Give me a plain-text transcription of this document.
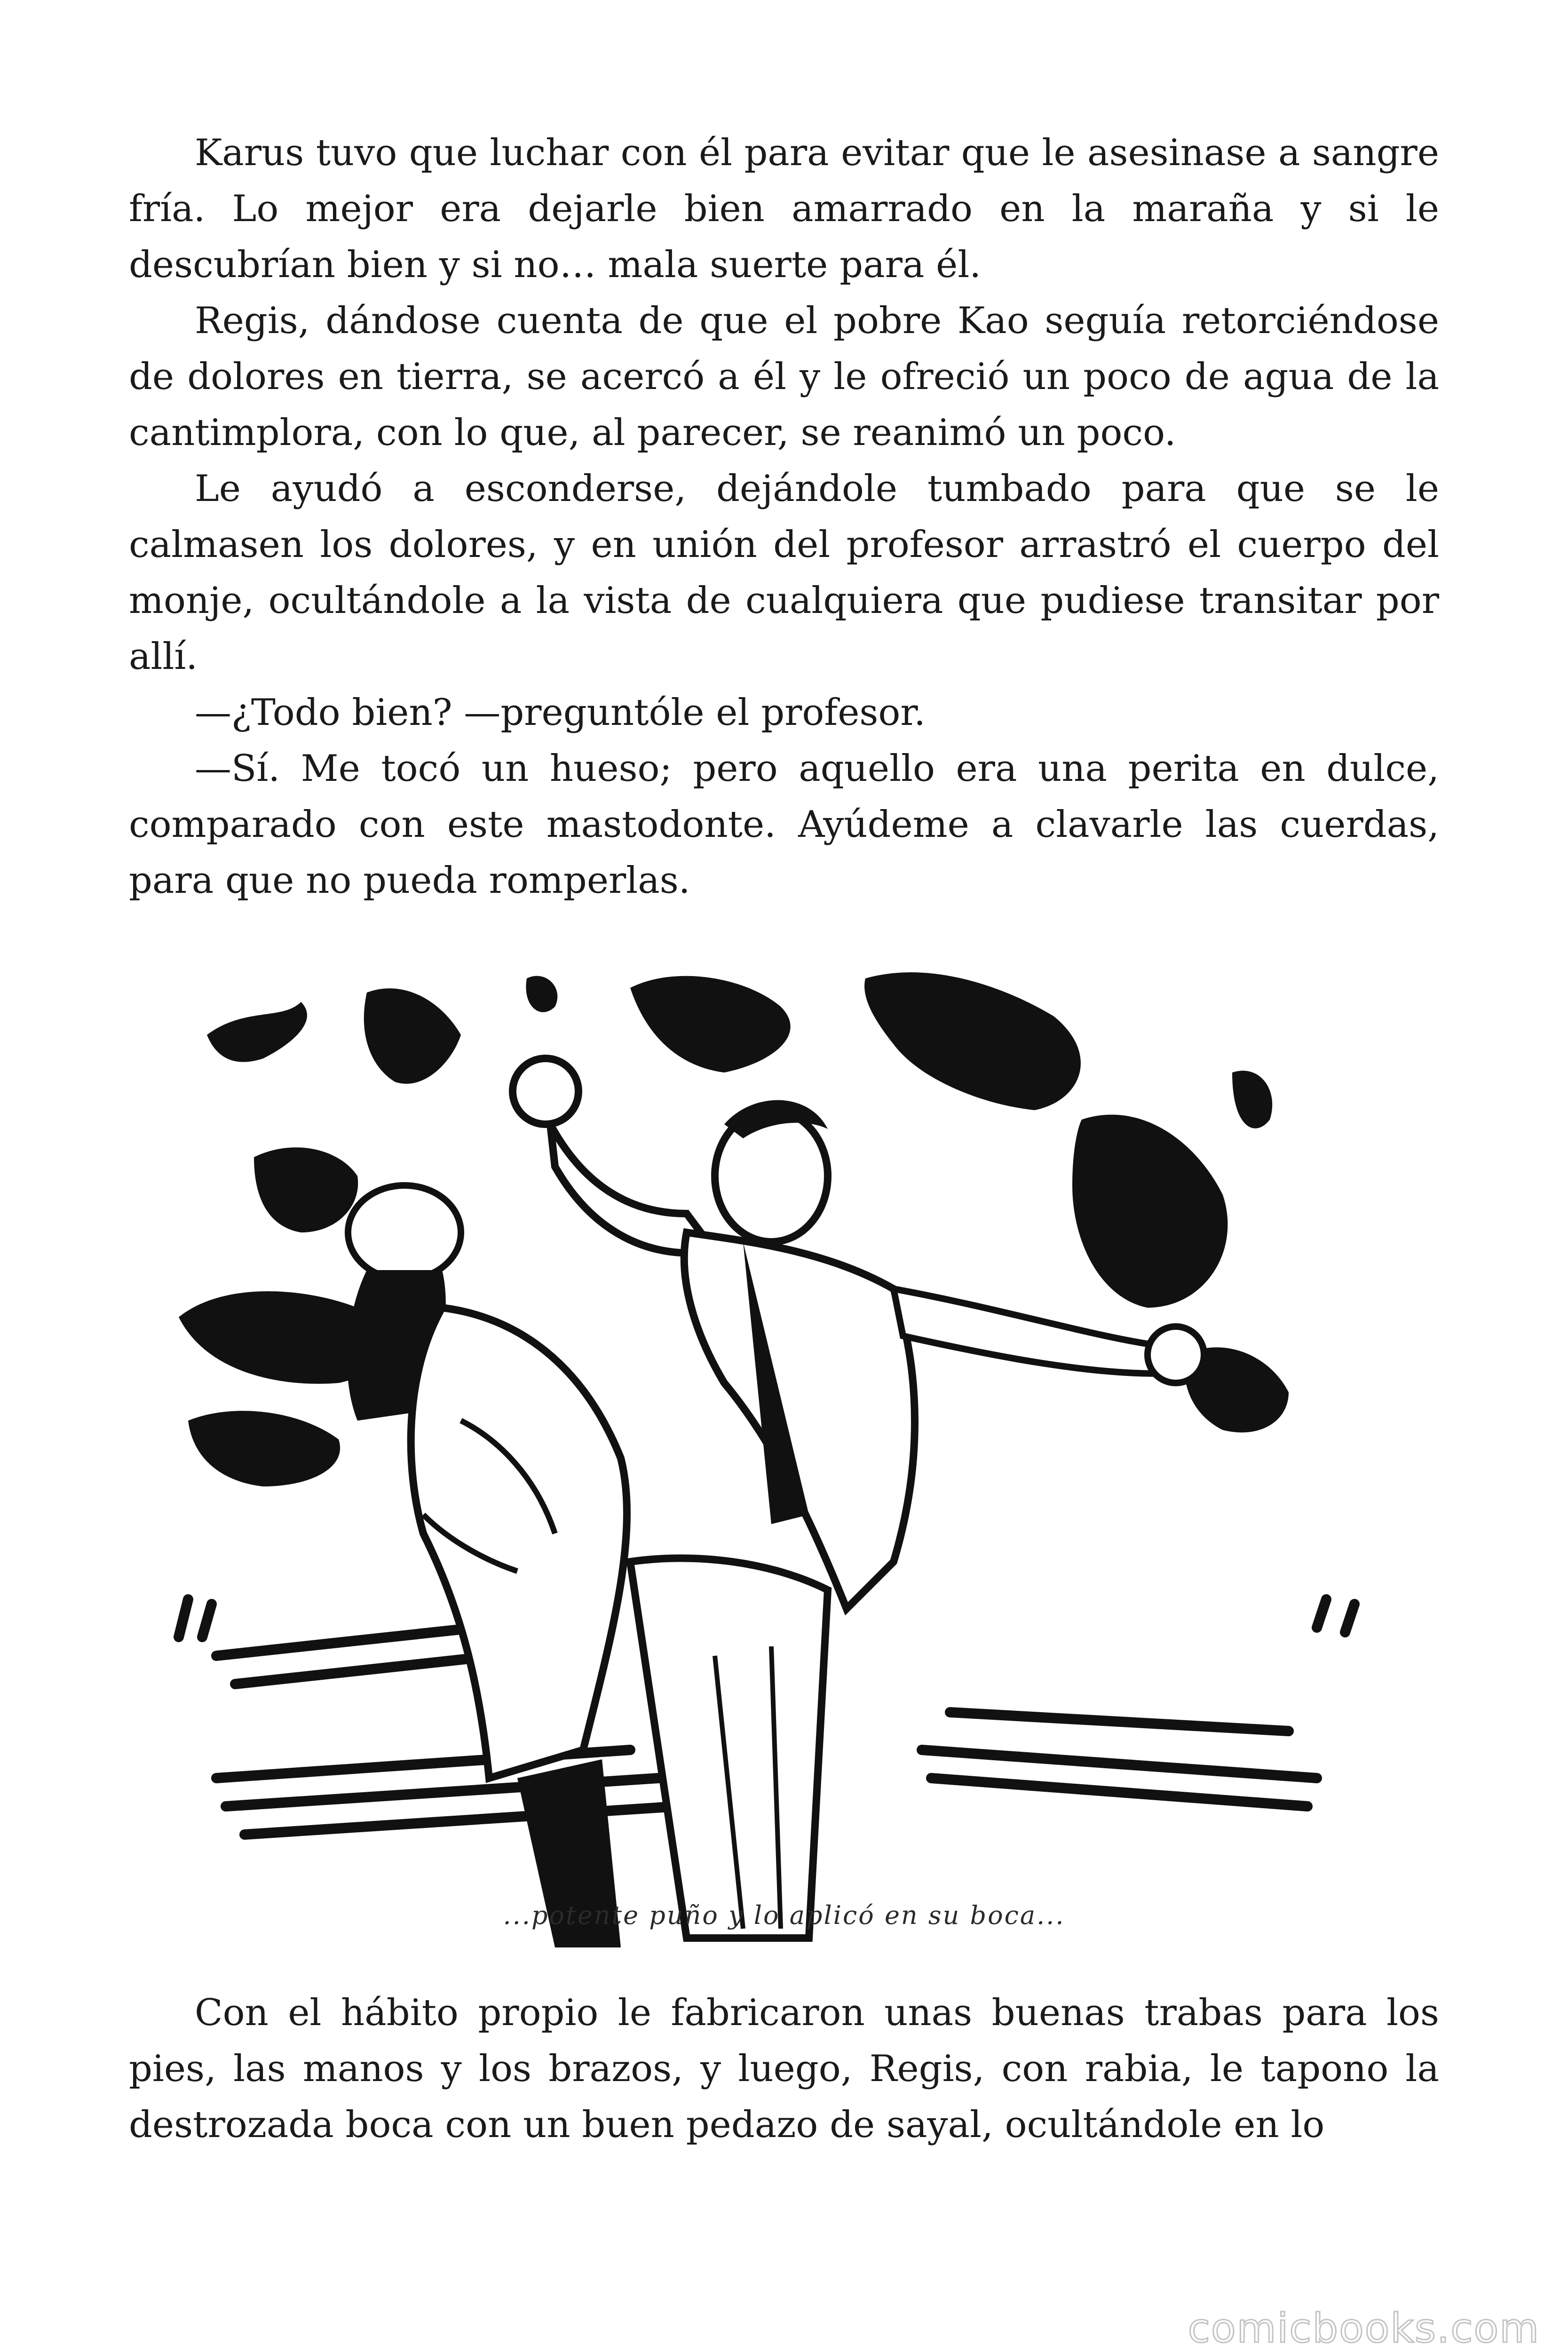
Karus tuvo que luchar con él para evitar que le asesinase a sangre fría. Lo mejor era dejarle bien amarrado en la maraña y si le descubrían bien y si no… mala suerte para él.

Regis, dándose cuenta de que el pobre Kao seguía retorciéndose de dolores en tierra, se acercó a él y le ofreció un poco de agua de la cantimplora, con lo que, al parecer, se reanimó un poco.

Le ayudó a esconderse, dejándole tumbado para que se le calmasen los dolores, y en unión del profesor arrastró el cuerpo del monje, ocultándole a la vista de cualquiera que pudiese transitar por allí.

—¿Todo bien? —preguntóle el profesor.

—Sí. Me tocó un hueso; pero aquello era una perita en dulce, comparado con este mastodonte. Ayúdeme a clavarle las cuerdas, para que no pueda romperlas.

...potente puño y lo aplicó en su boca...

Con el hábito propio le fabricaron unas buenas trabas para los pies, las manos y los brazos, y luego, Regis, con rabia, le tapono la destrozada boca con un buen pedazo de sayal, ocultándole en lo

comicbooks.com
